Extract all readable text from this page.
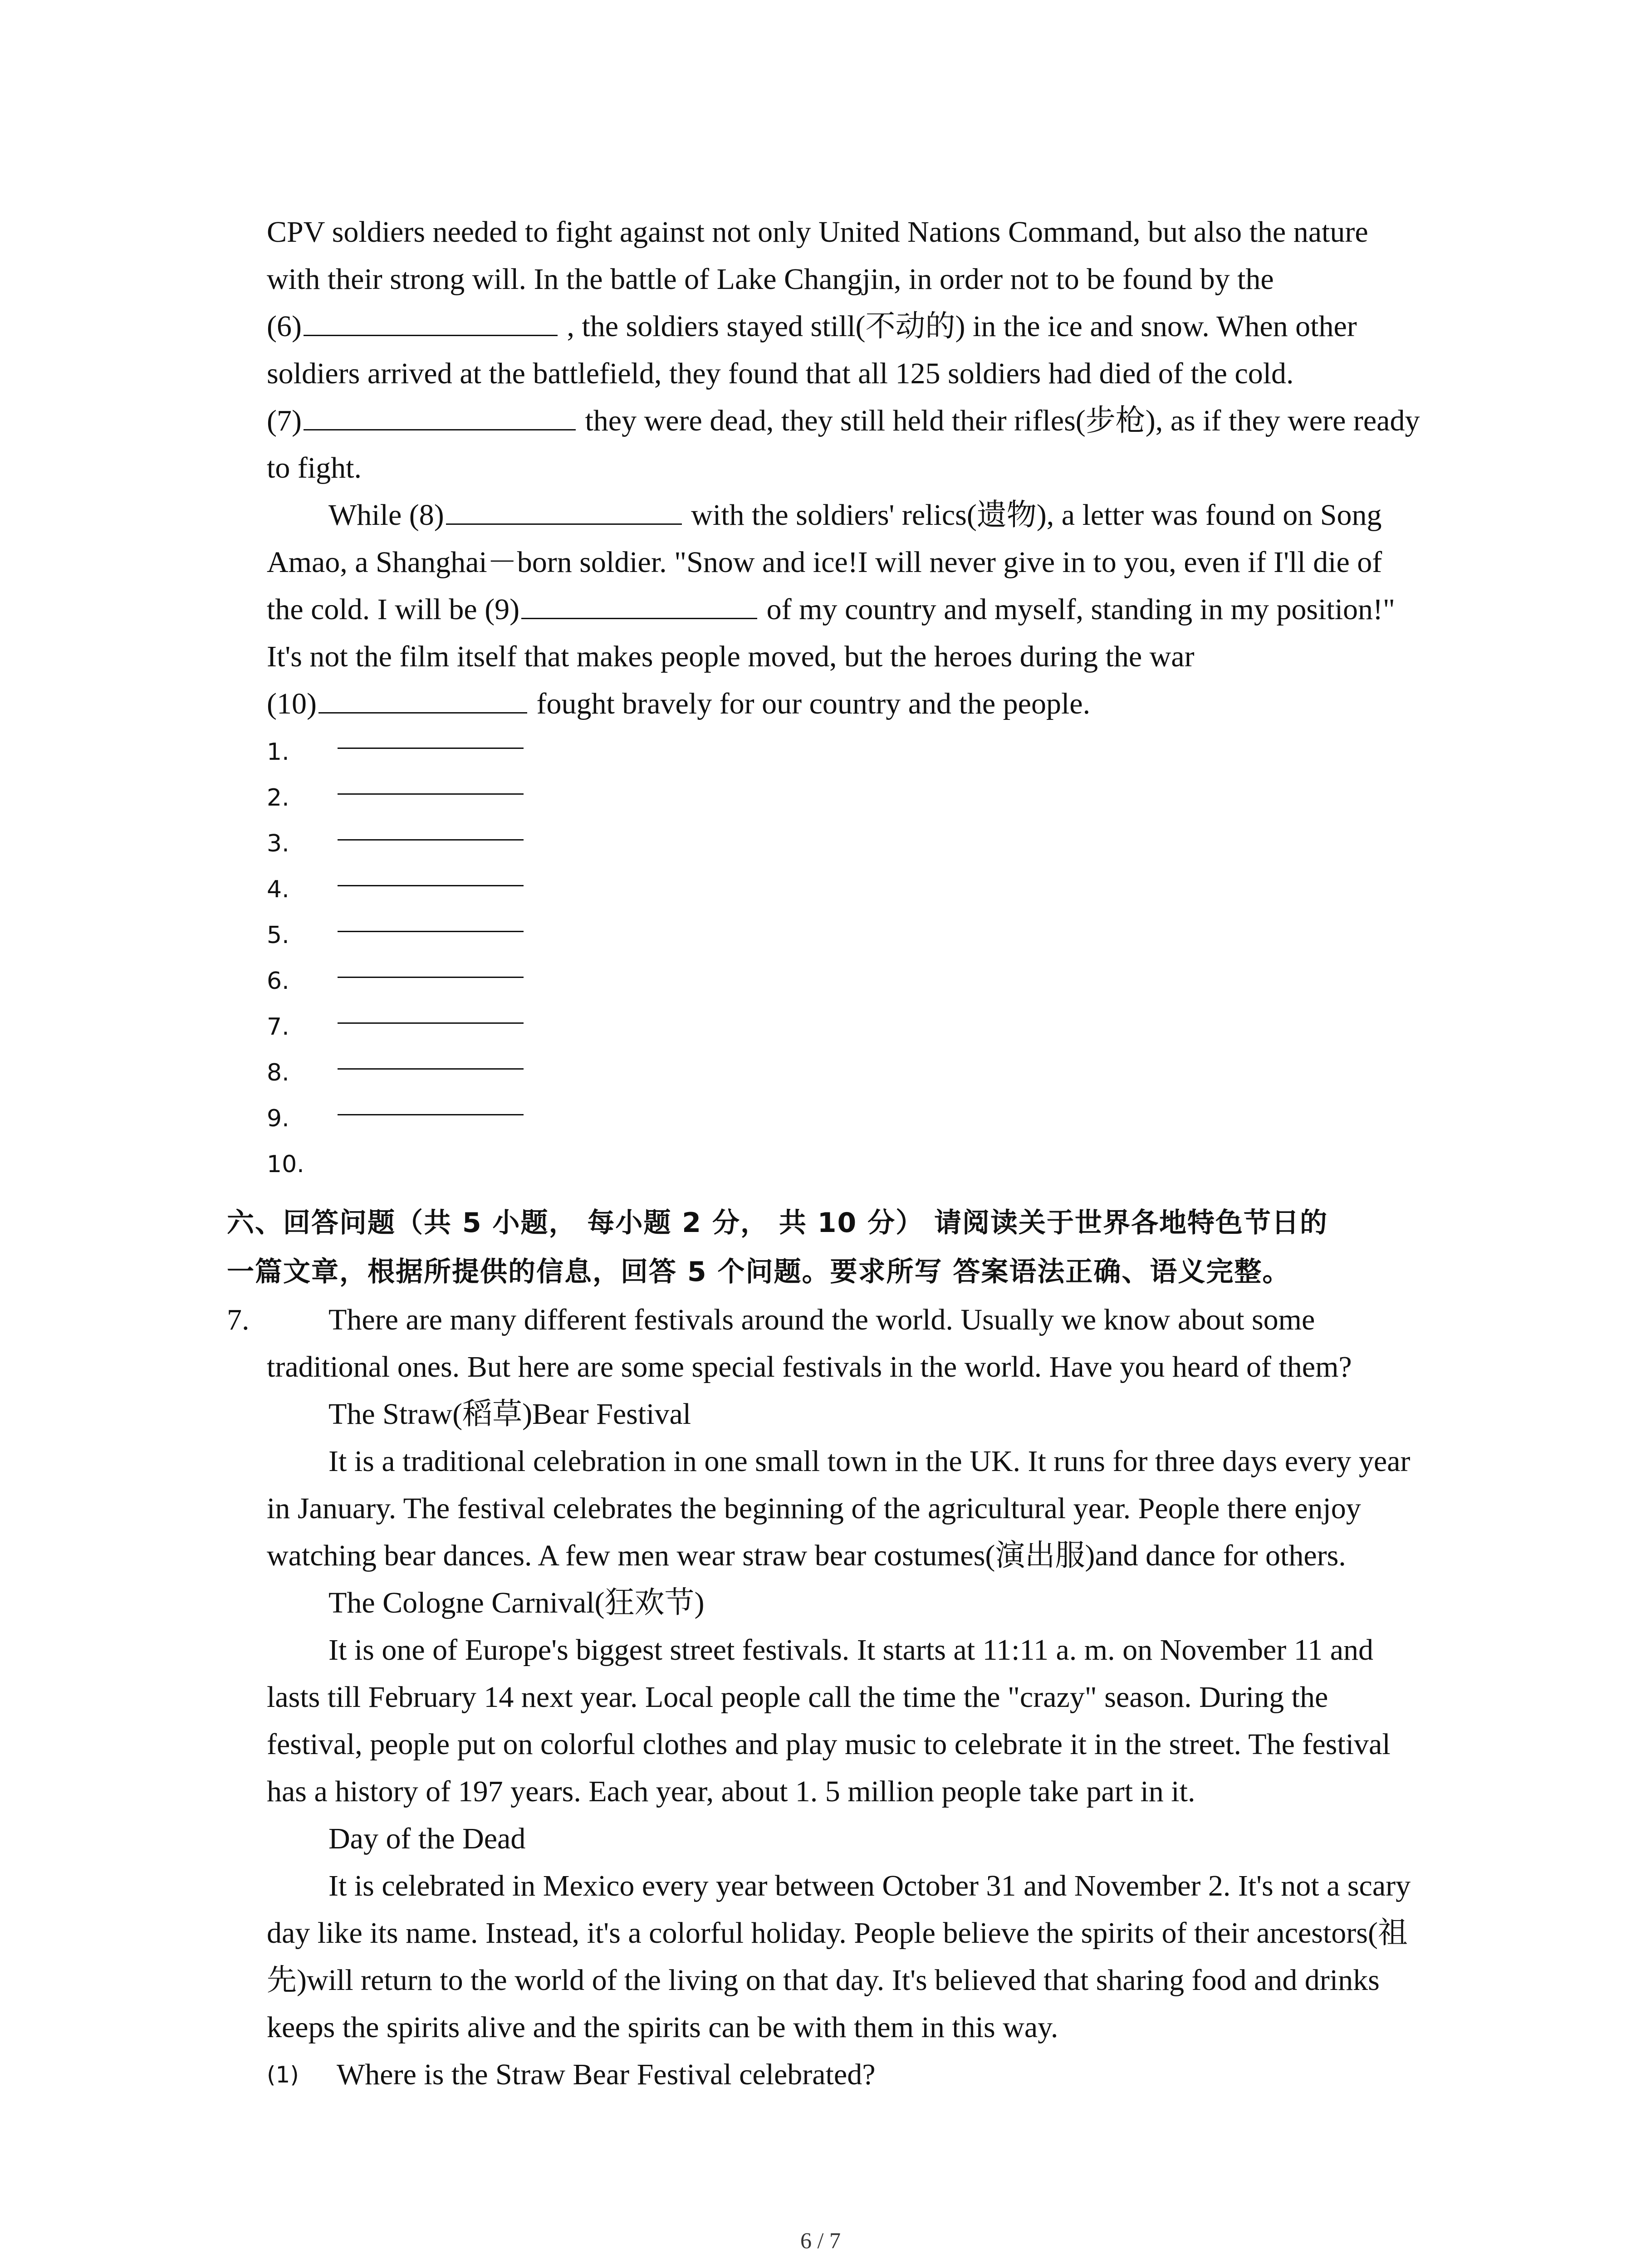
CPV soldiers needed to fight against not only United Nations Command, but also the nature

with their strong will. In the battle of Lake Changjin, in order not to be found by the

(6)	, the soldiers stayed still(不动的) in the ice and snow. When other

soldiers arrived at the battlefield, they found that all 125 soldiers had died of the cold.

(7)	they were dead, they still held their rifles(步枪), as if they were ready

to fight.

While (8)	with the soldiers' relics(遗物), a letter was found on Song

Amao, a Shanghai－born soldier. "Snow and ice!I will never give in to you, even if I'll die of

the cold. I will be (9)	of my country and myself, standing in my position!"

It's not the film itself that makes people moved, but the heroes during the war

(10)	fought bravely for our country and the people.

1.
2.
3.
4.
5.
6.
7.
8.
9.
10.
六、回答问题（共 5 小题， 每小题 2 分， 共 10 分） 请阅读关于世界各地特色节日的
一篇文章，根据所提供的信息，回答 5 个问题。要求所写 答案语法正确、语义完整。

7.	There are many different festivals around the world. Usually we know about some

traditional ones. But here are some special festivals in the world. Have you heard of them?

The Straw(稻草)Bear Festival

It is a traditional celebration in one small town in the UK. It runs for three days every year

in January. The festival celebrates the beginning of the agricultural year. People there enjoy

watching bear dances. A few men wear straw bear costumes(演出服)and dance for others.

The Cologne Carnival(狂欢节)

It is one of Europe's biggest street festivals. It starts at 11:11 a. m. on November 11 and

lasts till February 14 next year. Local people call the time the "crazy" season. During the

festival, people put on colorful clothes and play music to celebrate it in the street. The festival

has a history of 197 years. Each year, about 1. 5 million people take part in it.

Day of the Dead

It is celebrated in Mexico every year between October 31 and November 2. It's not a scary

day like its name. Instead, it's a colorful holiday. People believe the spirits of their ancestors(祖

先)will return to the world of the living on that day. It's believed that sharing food and drinks

keeps the spirits alive and the spirits can be with them in this way.

(1) Where is the Straw Bear Festival celebrated?
6 / 7
